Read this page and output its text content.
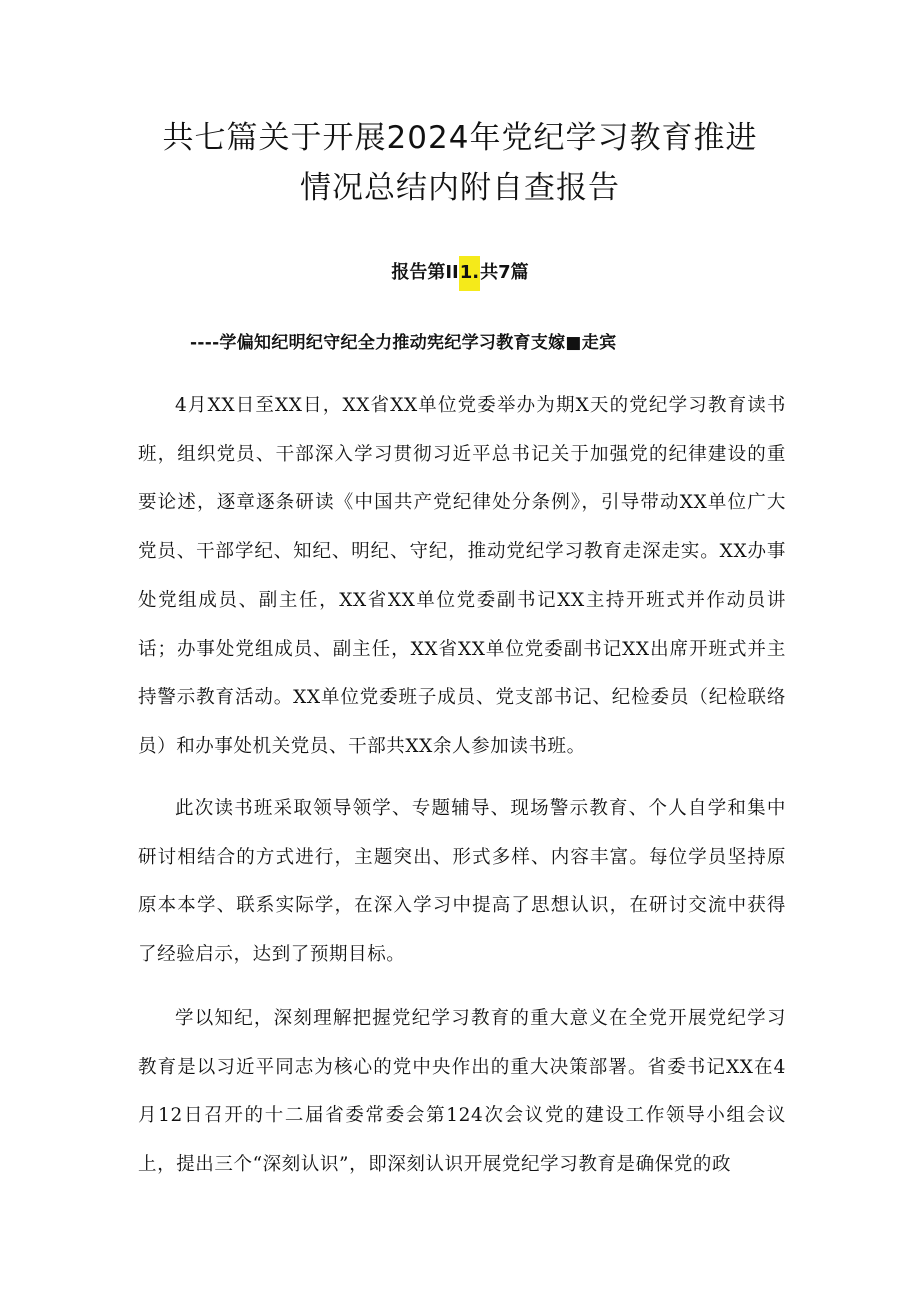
共七篇关于开展2024年党纪学习教育推进
情况总结内附自查报告
报告第II1.共7篇
----学偏知纪明纪守纪全力推动宪纪学习教育支嫁■走宾

4月XX日至XX日，XX省XX单位党委举办为期X天的党纪学习教育读书班，组织党员、干部深入学习贯彻习近平总书记关于加强党的纪律建设的重要论述，逐章逐条研读《中国共产党纪律处分条例》，引导带动XX单位广大党员、干部学纪、知纪、明纪、守纪，推动党纪学习教育走深走实。XX办事处党组成员、副主任，XX省XX单位党委副书记XX主持开班式并作动员讲话；办事处党组成员、副主任，XX省XX单位党委副书记XX出席开班式并主持警示教育活动。XX单位党委班子成员、党支部书记、纪检委员（纪检联络员）和办事处机关党员、干部共XX余人参加读书班。

此次读书班采取领导领学、专题辅导、现场警示教育、个人自学和集中研讨相结合的方式进行，主题突出、形式多样、内容丰富。每位学员坚持原原本本学、联系实际学，在深入学习中提高了思想认识，在研讨交流中获得了经验启示，达到了预期目标。

学以知纪，深刻理解把握党纪学习教育的重大意义在全党开展党纪学习教育是以习近平同志为核心的党中央作出的重大决策部署。省委书记XX在4月12日召开的十二届省委常委会第124次会议党的建设工作领导小组会议上，提出三个“深刻认识”，即深刻认识开展党纪学习教育是确保党的政
